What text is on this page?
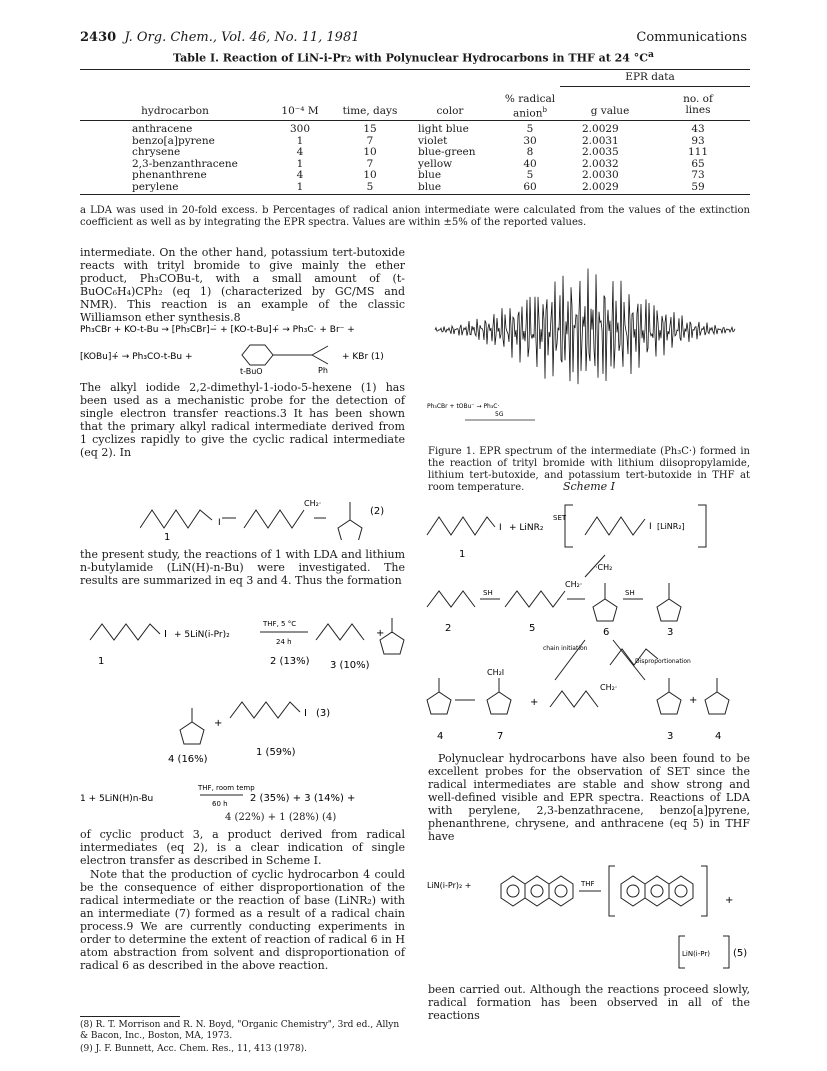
2430 J. Org. Chem., Vol. 46, No. 11, 1981	Communications
Table I. Reaction of LiN-i-Pr₂ with Polynuclear Hydrocarbons in THF at 24 $^\circ C^a$
EPR data
hydrocarbon	10⁻⁴ M	time, days	color
% radical anion$^b$	g value
no. of lines
anthracene	300	15	light blue	5	2.0029	43
benzo[a]pyrene	1	7	violet	30	2.0031	93
chrysene	4	10	blue-green	8	2.0035	111
2,3-benzanthracene	1	7	yellow	40	2.0032	65
phenanthrene	4	10	blue	5	2.0030	73
perylene	1	5	blue	60	2.0029	59
a LDA was used in 20-fold excess. b Percentages of radical anion intermediate were calculated from the values of the extinction coefficient as well as by integrating the EPR spectra. Values are within ±5% of the reported values.
intermediate. On the other hand, potassium tert-butoxide reacts with trityl bromide to give mainly the ether product, Ph₃COBu-t, with a small amount of (t-BuOC₆H₄)CPh₂ (eq 1) (characterized by GC/MS and NMR). This reaction is an example of the classic Williamson ether synthesis.8
Ph₃CBr + KO-t-Bu → [Ph₃CBr]−̇ + [KO-t-Bu]+̇ → Ph₃C· + Br⁻ +
[KOBu]+̇ → Ph₃CO-t-Bu +
t-BuO	Ph
+ KBr (1)
The alkyl iodide 2,2-dimethyl-1-iodo-5-hexene (1) has been used as a mechanistic probe for the detection of single electron transfer reactions.3 It has been shown that the primary alkyl radical intermediate derived from 1 cyclizes rapidly to give the cyclic radical intermediate (eq 2). In
I
CH₂·
(2)
1
the present study, the reactions of 1 with LDA and lithium n-butylamide (LiN(H)-n-Bu) were investigated. The results are summarized in eq 3 and 4. Thus the formation
I + 5LiN(i-Pr)₂
THF, 5 °C
24 h
+
1	2 (13%) 3 (10%)
+
I (3)
4 (16%)
1 (59%)
1 + 5LiN(H)n-Bu
THF, room temp
60 h 2 (35%) + 3 (14%) +
4 (22%) + 1 (28%) (4)
of cyclic product 3, a product derived from radical intermediates (eq 2), is a clear indication of single electron transfer as described in Scheme I.
Note that the production of cyclic hydrocarbon 4 could be the consequence of either disproportionation of the radical intermediate or the reaction of base (LiNR₂) with an intermediate (7) formed as a result of a radical chain process.9 We are currently conducting experiments in order to determine the extent of reaction of radical 6 in H atom abstraction from solvent and disproportionation of radical 6 as described in the above reaction.
(8) R. T. Morrison and R. N. Boyd, "Organic Chemistry", 3rd ed., Allyn & Bacon, Inc., Boston, MA, 1973.
(9) J. F. Bunnett, Acc. Chem. Res., 11, 413 (1978).
Ph₃CBr + tOBu⁻ → Ph₃C·
5G
Figure 1. EPR spectrum of the intermediate (Ph₃C·) formed in the reaction of trityl bromide with lithium diisopropylamide, lithium tert-butoxide, and potassium tert-butoxide in THF at room temperature.	Scheme I
I + LiNR₂
SET
I [LiNR₂]
·CH₂
CH₂·
SH	SH
1
2	5	6	3
chain initiation
Disproportionation
CH₂I
+
CH₂·
+
4	7	3	4
Polynuclear hydrocarbons have also been found to be excellent probes for the observation of SET since the radical intermediates are stable and show strong and well-defined visible and EPR spectra. Reactions of LDA with perylene, 2,3-benzathracene, benzo[a]pyrene, phenanthrene, chrysene, and anthracene (eq 5) in THF have
LiN(i-Pr)₂ +	THF
+
LiN(i-Pr) (5)
been carried out. Although the reactions proceed slowly, radical formation has been observed in all of the reactions
